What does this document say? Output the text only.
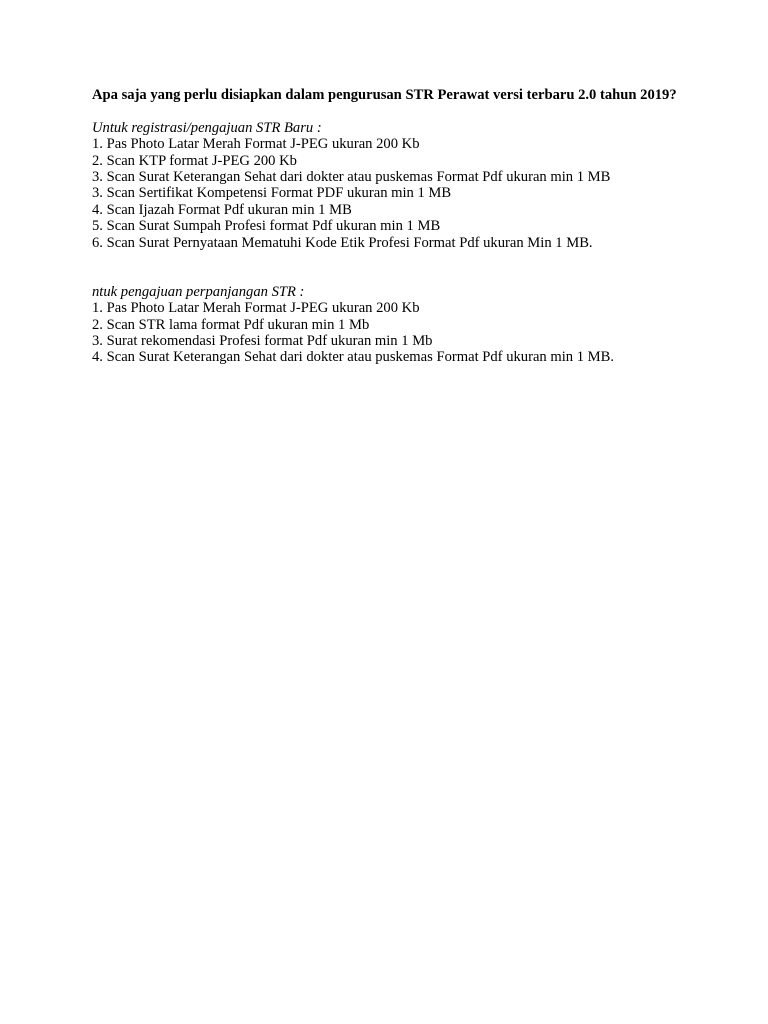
Apa saja yang perlu disiapkan dalam pengurusan STR Perawat versi terbaru 2.0 tahun 2019?

Untuk registrasi/pengajuan STR Baru :

1. Pas Photo Latar Merah Format J-PEG ukuran 200 Kb

2. Scan KTP format J-PEG 200 Kb

3. Scan Surat Keterangan Sehat dari dokter atau puskemas Format Pdf ukuran min 1 MB

3. Scan Sertifikat Kompetensi Format PDF ukuran min 1 MB

4. Scan Ijazah Format Pdf ukuran min 1 MB

5. Scan Surat Sumpah Profesi format Pdf ukuran min 1 MB

6. Scan Surat Pernyataan Mematuhi Kode Etik Profesi Format Pdf ukuran Min 1 MB.

ntuk pengajuan perpanjangan STR :

1. Pas Photo Latar Merah Format J-PEG ukuran 200 Kb

2. Scan STR lama format Pdf ukuran min 1 Mb

3. Surat rekomendasi Profesi format Pdf ukuran min 1 Mb

4. Scan Surat Keterangan Sehat dari dokter atau puskemas Format Pdf ukuran min 1 MB.
